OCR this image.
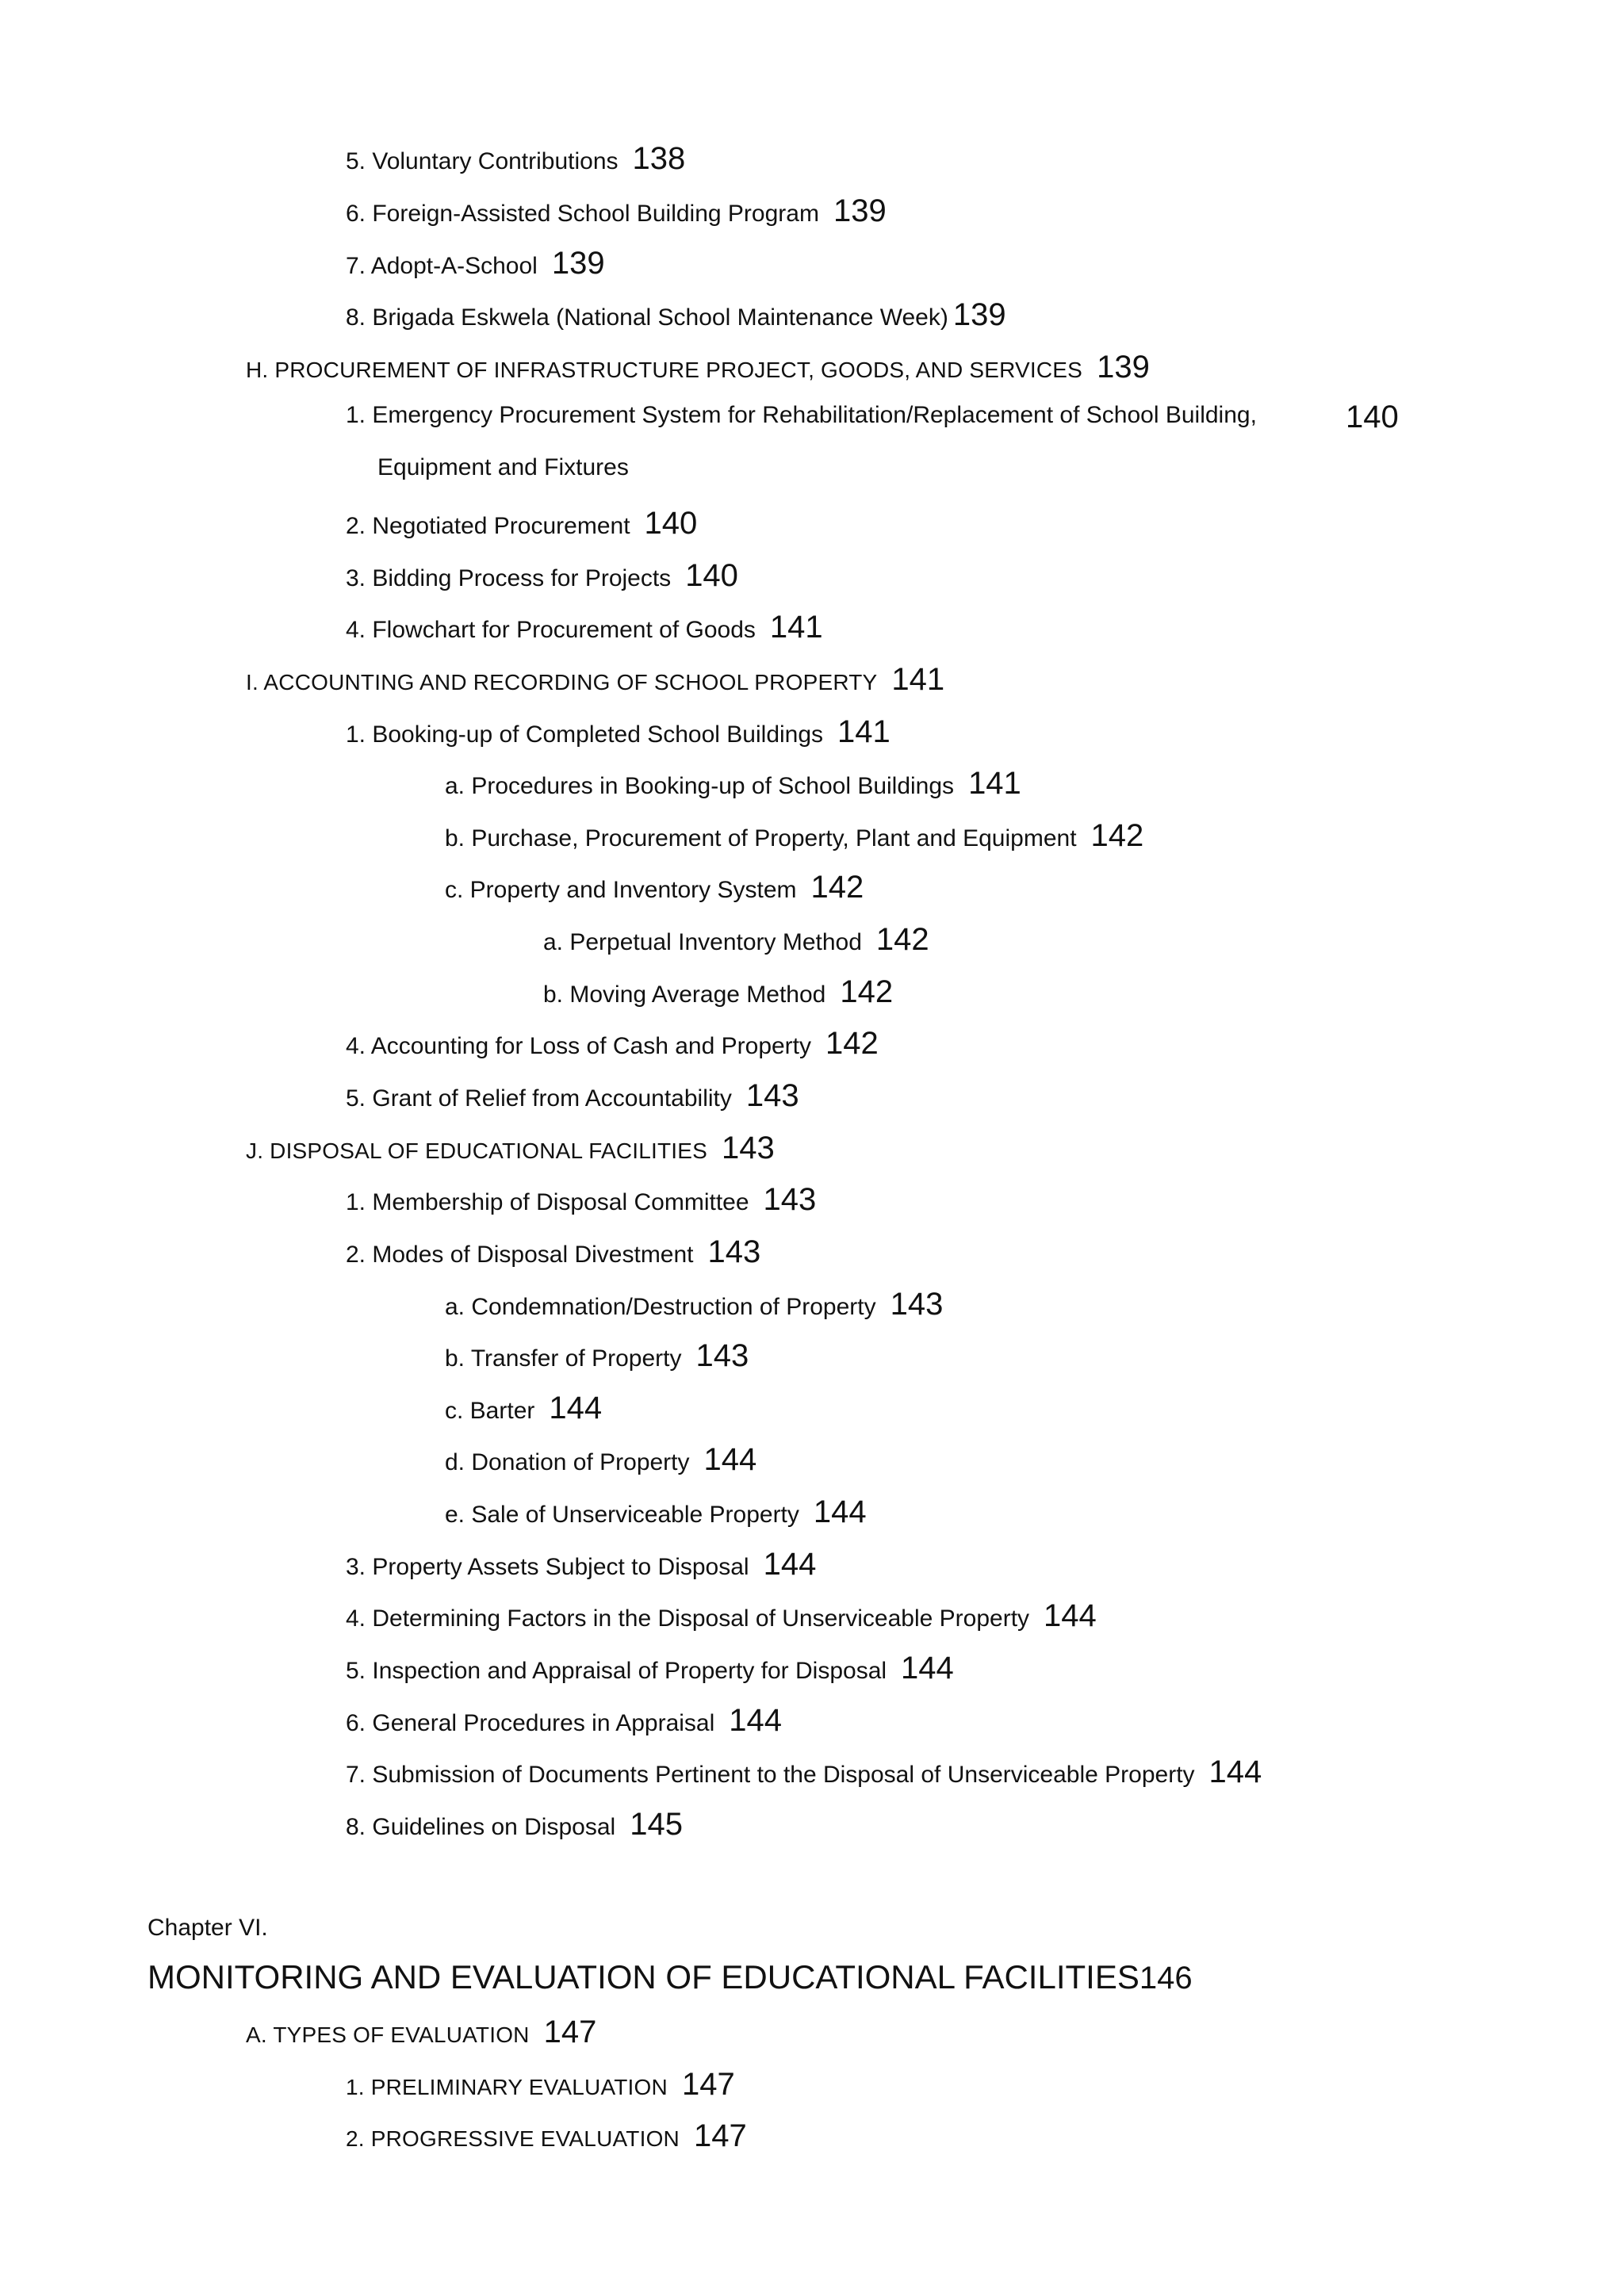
5. Voluntary Contributions 138
6. Foreign-Assisted School Building Program 139
7. Adopt-A-School 139
8. Brigada Eskwela (National School Maintenance Week) 139
H. PROCUREMENT OF INFRASTRUCTURE PROJECT, GOODS, AND SERVICES 139
1. Emergency Procurement System for Rehabilitation/Replacement of School Building,	140
Equipment and Fixtures
2. Negotiated Procurement 140
3. Bidding Process for Projects 140
4. Flowchart for Procurement of Goods 141
I. ACCOUNTING AND RECORDING OF SCHOOL PROPERTY 141
1. Booking-up of Completed School Buildings 141
a. Procedures in Booking-up of School Buildings 141
b. Purchase, Procurement of Property, Plant and Equipment 142
c. Property and Inventory System 142
a. Perpetual Inventory Method 142
b. Moving Average Method 142
4. Accounting for Loss of Cash and Property 142
5. Grant of Relief from Accountability 143
J. DISPOSAL OF EDUCATIONAL FACILITIES 143
1. Membership of Disposal Committee 143
2. Modes of Disposal Divestment 143
a. Condemnation/Destruction of Property 143
b. Transfer of Property 143
c. Barter 144
d. Donation of Property 144
e. Sale of Unserviceable Property 144
3. Property Assets Subject to Disposal 144
4. Determining Factors in the Disposal of Unserviceable Property 144
5. Inspection and Appraisal of Property for Disposal 144
6. General Procedures in Appraisal 144
7. Submission of Documents Pertinent to the Disposal of Unserviceable Property 144
8. Guidelines on Disposal 145
Chapter VI.
MONITORING AND EVALUATION OF EDUCATIONAL FACILITIES146
A. TYPES OF EVALUATION 147
1. PRELIMINARY EVALUATION 147
2. PROGRESSIVE EVALUATION 147
